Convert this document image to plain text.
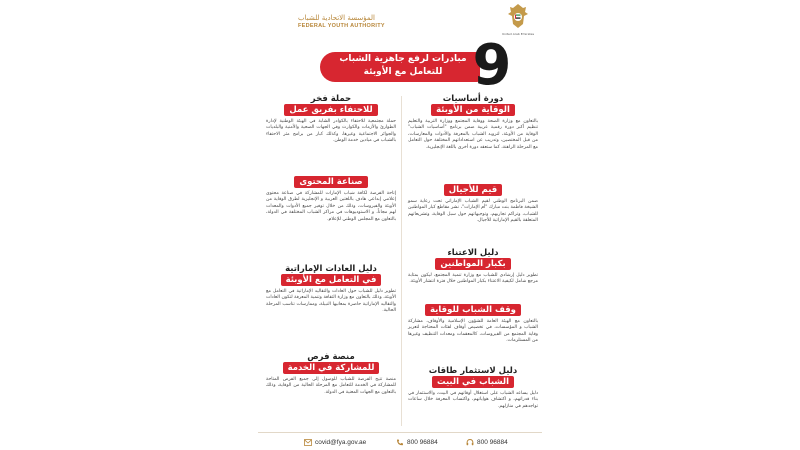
المؤسسة الاتحادية للشباب
FEDERAL YOUTH AUTHORITY
United Arab Emirates
مبادرات لرفع جاهزية الشباب
للتعامل مع الأوبئة 9
دورة أساسيات
الوقاية من الأوبئة
بالتعاون مع وزارة الصحة ووقاية المجتمع ووزارة التربية والتعليم تنظيم أكبر دورة رقمية عربية ضمن برنامج "أساسيات الشباب" الوقاية من الأوبئة، لتزويد الشباب بالمعرفة والأدوات والمعارسات، من قبل المختصين، وتدريب عن استعداداتهم المختلفة حول التعامل مع المرحلة الراهنة، كما ستعقد دورة أخرى باللغة الإنجليزية.
قيم للأجيال
ضمن البرنامج الوطني لقيم الشباب الإماراتي تحت رعاية سمو الشيخة فاطمة بنت مبارك "أم الإمارات"، نشر مقاطع كبار المواطنين للشباب، وتراكم تجاربهم، وتوجيهاتهم حول سبل الوقاية، وتشريعاتهم المتعلقة بالقيم الإماراتية للأجيال.
دليل الاعتناء
بكبار المواطنين
تطوير دليل إرشادي للشباب مع وزارة تنمية المجتمع، ليكون بمثابة مرجع شامل لكيفية الاعتناء بكبار المواطنين خلال فترة انتشار الأوبئة.
وقف الشباب للوقاية
بالتعاون مع الهيئة العامة للشؤون الإسلامية والأوقاف، مشاركة الشباب و المؤسسات، في تخصيص أوقاف لفئات المحتاجة لتعزيز وقاية المجتمع من الفيروسات، كالمعقمات ومعدات التنظيف وغيرها من المستلزمات.
دليل لاستثمار طاقات
الشباب في البيت
دليل يساعد الشباب على استغلال أوقاتهم في البيت، والاستثمار في بناء قدراتهم، و اكتشاف هواياتهم، واكتساب المعرفة خلال ساعات تواجدهم في منازلهم.
حملة فخر
للاحتفاء بفريق عمل
حملة مجتمعية للاحتفاء بالكوادر الشابة في الهيئة الوطنية لإدارة الطوارئ والأزمات والكوارث وفي الجهات الصحية والأمنية والبلديات والجوائز الاجتماعية وغيرها، وكذلك كبار من برامج مثر الاحتفاء بالشباب في ميادين خدمة الوطن.
صناعة المحتوى
إتاحة الفرصة لكافة شباب الإمارات للمشاركة في صناعة محتوى إعلامي إبداعي هادف باللغتين العربية و الإنجليزية لطرق الوقاية من الأوبئة والفيروسات، وذلك من خلال توفير جميع الأدوات والمعدات لهم مجاناً، و الاستوديوهات في مراكز الشباب المختلفة في الدولة، بالتعاون مع المجلس الوطني للإعلام.
دليل العادات الإماراتية
في التعامل مع الأوبئة
تطوير دليل للشباب حول العادات والتقاليد الإماراتية في التعامل مع الأوبئة، وذلك بالتعاون مع وزارة الثقافة وتنمية المعرفة لتكون العادات والتقاليد الإماراتية حاضرة بمعانيها النبيلة، وممارسات تناسب المرحلة الحالية.
منصة فرص
للمشاركة في الخدمة
منصة تتيح الفرصة للشباب للوصول إلى جميع الفرص المتاحة للمشاركة في الخدمة للتعامل مع المرحلة الحالية من الوقاية، وذلك بالتعاون مع الجهات المعنية في الدولة.
covid@fya.gov.ae	800 96884	800 96884
